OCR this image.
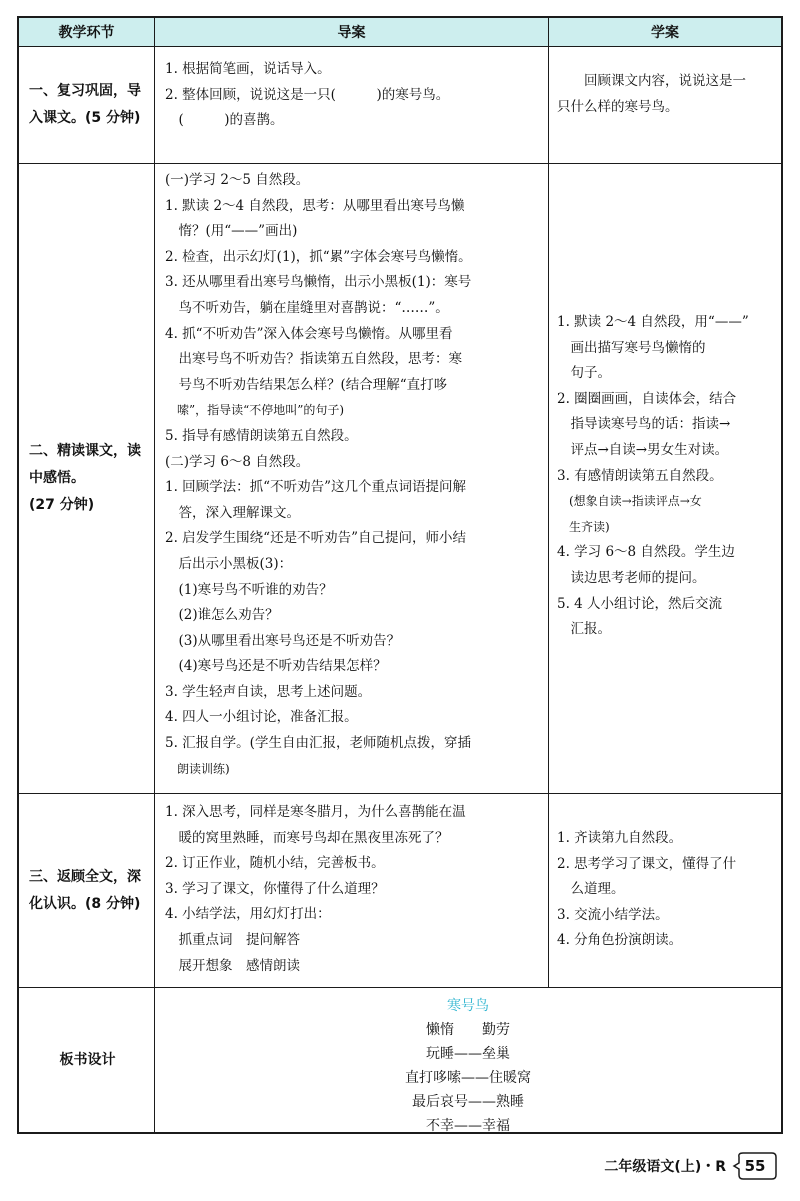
教学环节	导案	学案
一、复习巩固，导
入课文。(5 分钟)
1. 根据简笔画，说话导入。
2. 整体回顾，说说这是一只(　　　)的寒号鸟。
　(　　　)的喜鹊。
　　回顾课文内容，说说这是一
只什么样的寒号鸟。
二、精读课文，读
中感悟。
(27 分钟)
(一)学习 2～5 自然段。
1. 默读 2～4 自然段，思考：从哪里看出寒号鸟懒
　惰？(用“——”画出)
2. 检查，出示幻灯(1)，抓“累”字体会寒号鸟懒惰。
3. 还从哪里看出寒号鸟懒惰，出示小黑板(1)：寒号
　鸟不听劝告，躺在崖缝里对喜鹊说：“……”。
4. 抓“不听劝告”深入体会寒号鸟懒惰。从哪里看
　出寒号鸟不听劝告？指读第五自然段，思考：寒
　号鸟不听劝告结果怎么样？(结合理解“直打哆
　嗦”，指导读“不停地叫”的句子)
5. 指导有感情朗读第五自然段。
(二)学习 6～8 自然段。
1. 回顾学法：抓“不听劝告”这几个重点词语提问解
　答，深入理解课文。
2. 启发学生围绕“还是不听劝告”自己提问，师小结
　后出示小黑板(3)：
　(1)寒号鸟不听谁的劝告？
　(2)谁怎么劝告？
　(3)从哪里看出寒号鸟还是不听劝告？
　(4)寒号鸟还是不听劝告结果怎样？
3. 学生轻声自读，思考上述问题。
4. 四人一小组讨论，准备汇报。
5. 汇报自学。(学生自由汇报，老师随机点拨，穿插
　朗读训练)
1. 默读 2～4 自然段，用“——”
　画出描写寒号鸟懒惰的
　句子。
2. 圈圈画画，自读体会，结合
　指导读寒号鸟的话：指读→
　评点→自读→男女生对读。
3. 有感情朗读第五自然段。
　(想象自读→指读评点→女
　生齐读)
4. 学习 6～8 自然段。学生边
　读边思考老师的提问。
5. 4 人小组讨论，然后交流
　汇报。
三、返顾全文，深
化认识。(8 分钟)
1. 深入思考，同样是寒冬腊月，为什么喜鹊能在温
　暖的窝里熟睡，而寒号鸟却在黑夜里冻死了？
2. 订正作业，随机小结，完善板书。
3. 学习了课文，你懂得了什么道理？
4. 小结学法，用幻灯打出：
　抓重点词　提问解答
　展开想象　感情朗读
1. 齐读第九自然段。
2. 思考学习了课文，懂得了什
　么道理。
3. 交流小结学法。
4. 分角色扮演朗读。
板书设计
寒号鸟
懒惰　　勤劳
玩睡——垒巢
直打哆嗦——住暖窝
最后哀号——熟睡
不幸——幸福
二年级语文(上)・R 55
